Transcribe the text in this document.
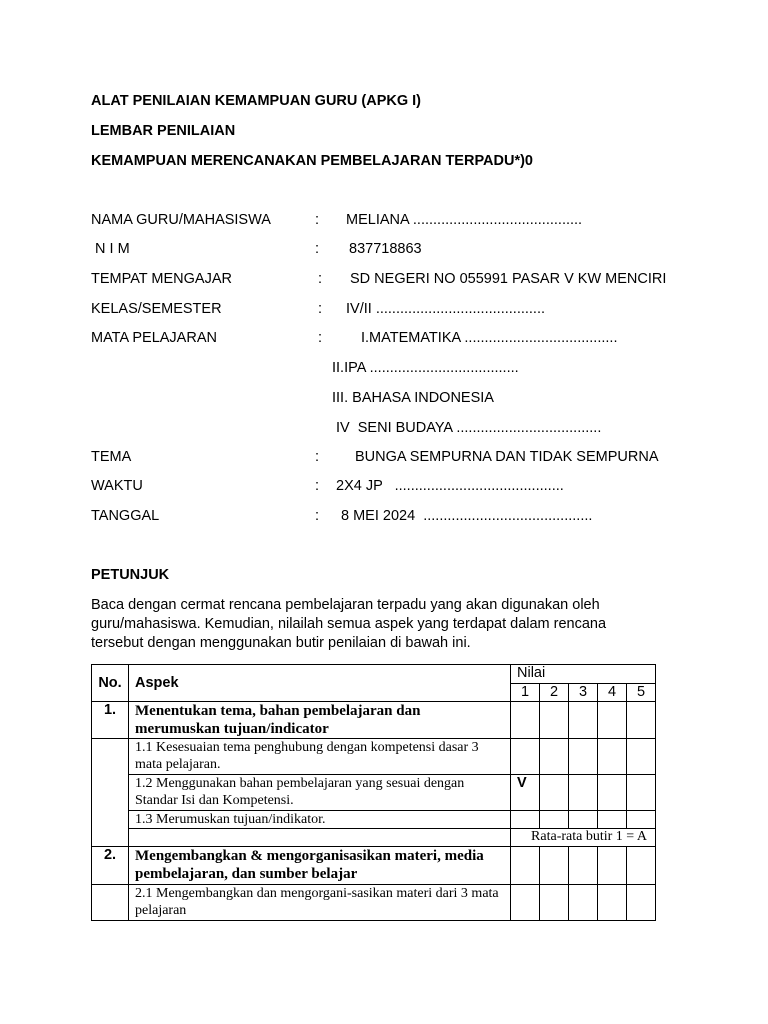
ALAT PENILAIAN KEMAMPUAN GURU (APKG I)
LEMBAR PENILAIAN
KEMAMPUAN MERENCANAKAN PEMBELAJARAN TERPADU*)0
NAMA GURU/MAHASISWA	: MELIANA ..........................................
N I M	: 837718863
TEMPAT MENGAJAR	: SD NEGERI NO 055991 PASAR V KW MENCIRI
KELAS/SEMESTER	: IV/II ..........................................
MATA PELAJARAN	:	I.MATEMATIKA ......................................
II.IPA .....................................
III. BAHASA INDONESIA
IV  SENI BUDAYA ....................................
TEMA	: BUNGA SEMPURNA DAN TIDAK SEMPURNA
WAKTU	: 2X4 JP   ..........................................
TANGGAL	: 8 MEI 2024  ..........................................
PETUNJUK
Baca dengan cermat rencana pembelajaran terpadu yang akan digunakan oleh
guru/mahasiswa. Kemudian, nilailah semua aspek yang terdapat dalam rencana
tersebut dengan menggunakan butir penilaian di bawah ini.
No.	Aspek	Nilai				
		1	2	3	4	5
1.	Menentukan tema, bahan pembelajaran dan merumuskan tujuan/indicator					
	1.1 Kesesuaian tema penghubung dengan kompetensi dasar 3 mata pelajaran.					
	1.2 Menggunakan bahan pembelajaran yang sesuai dengan Standar Isi dan Kompetensi.	V				
	1.3 Merumuskan tujuan/indikator.					
		Rata-rata butir 1 = A				
2.	Mengembangkan & mengorganisasikan materi, media pembelajaran, dan sumber belajar					
	2.1 Mengembangkan dan mengorgani-sasikan materi dari 3 mata pelajaran					
